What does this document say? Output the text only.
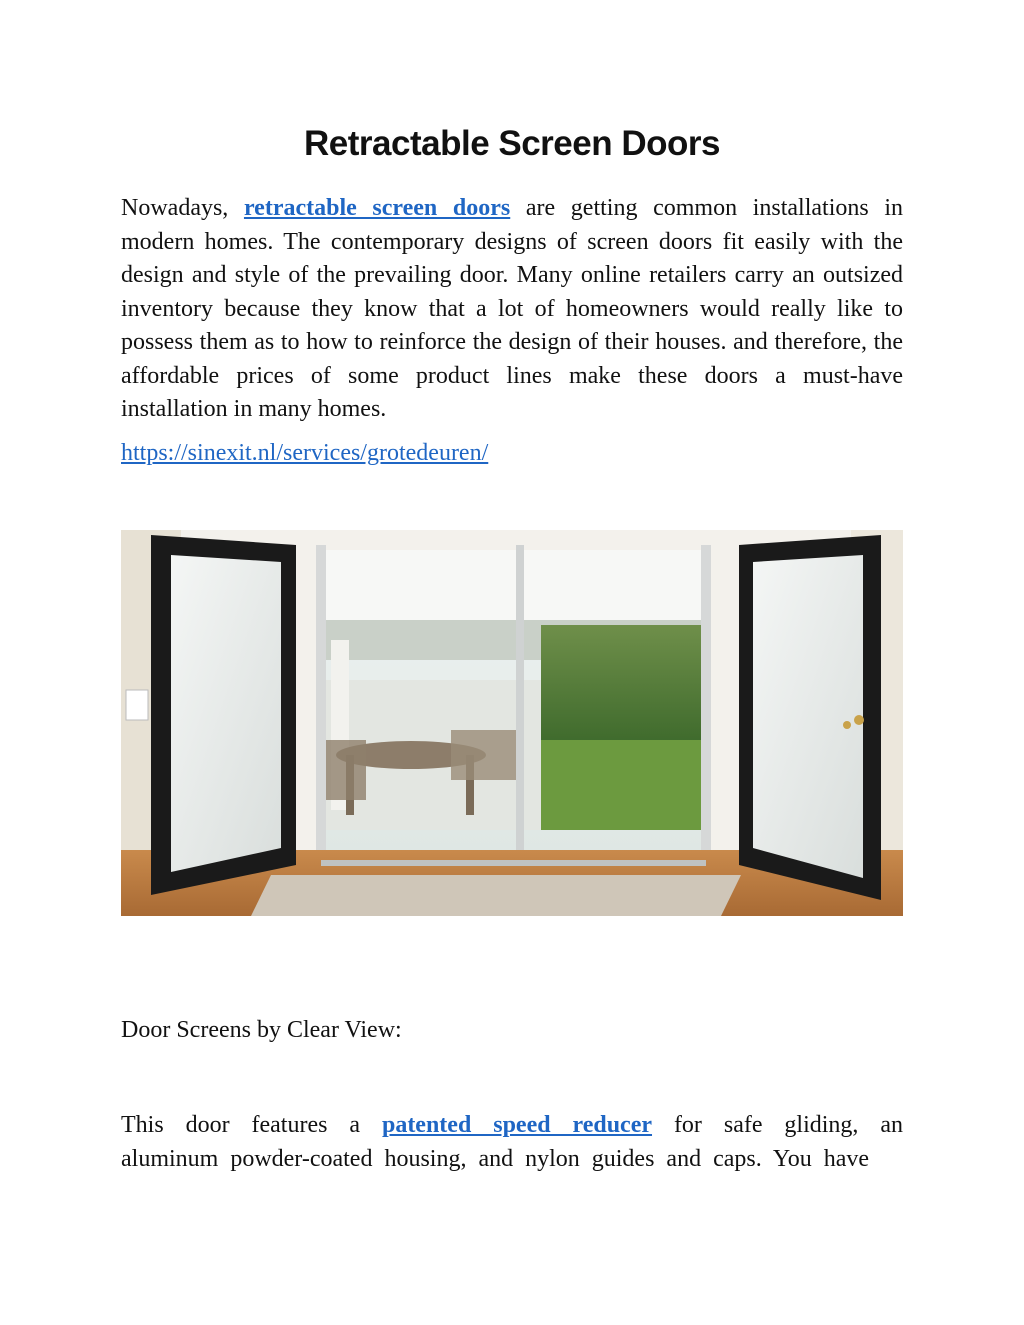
Retractable Screen Doors

Nowadays, retractable screen doors are getting common installations in modern homes. The contemporary designs of screen doors fit easily with the design and style of the prevailing door. Many online retailers carry an outsized inventory because they know that a lot of homeowners would really like to possess them as to how to reinforce the design of their houses. and therefore, the affordable prices of some product lines make these doors a must-have installation in many homes.

https://sinexit.nl/services/grotedeuren/

Door Screens by Clear View:

This door features a patented speed reducer for safe gliding, an aluminum powder-coated housing, and nylon guides and caps. You have
